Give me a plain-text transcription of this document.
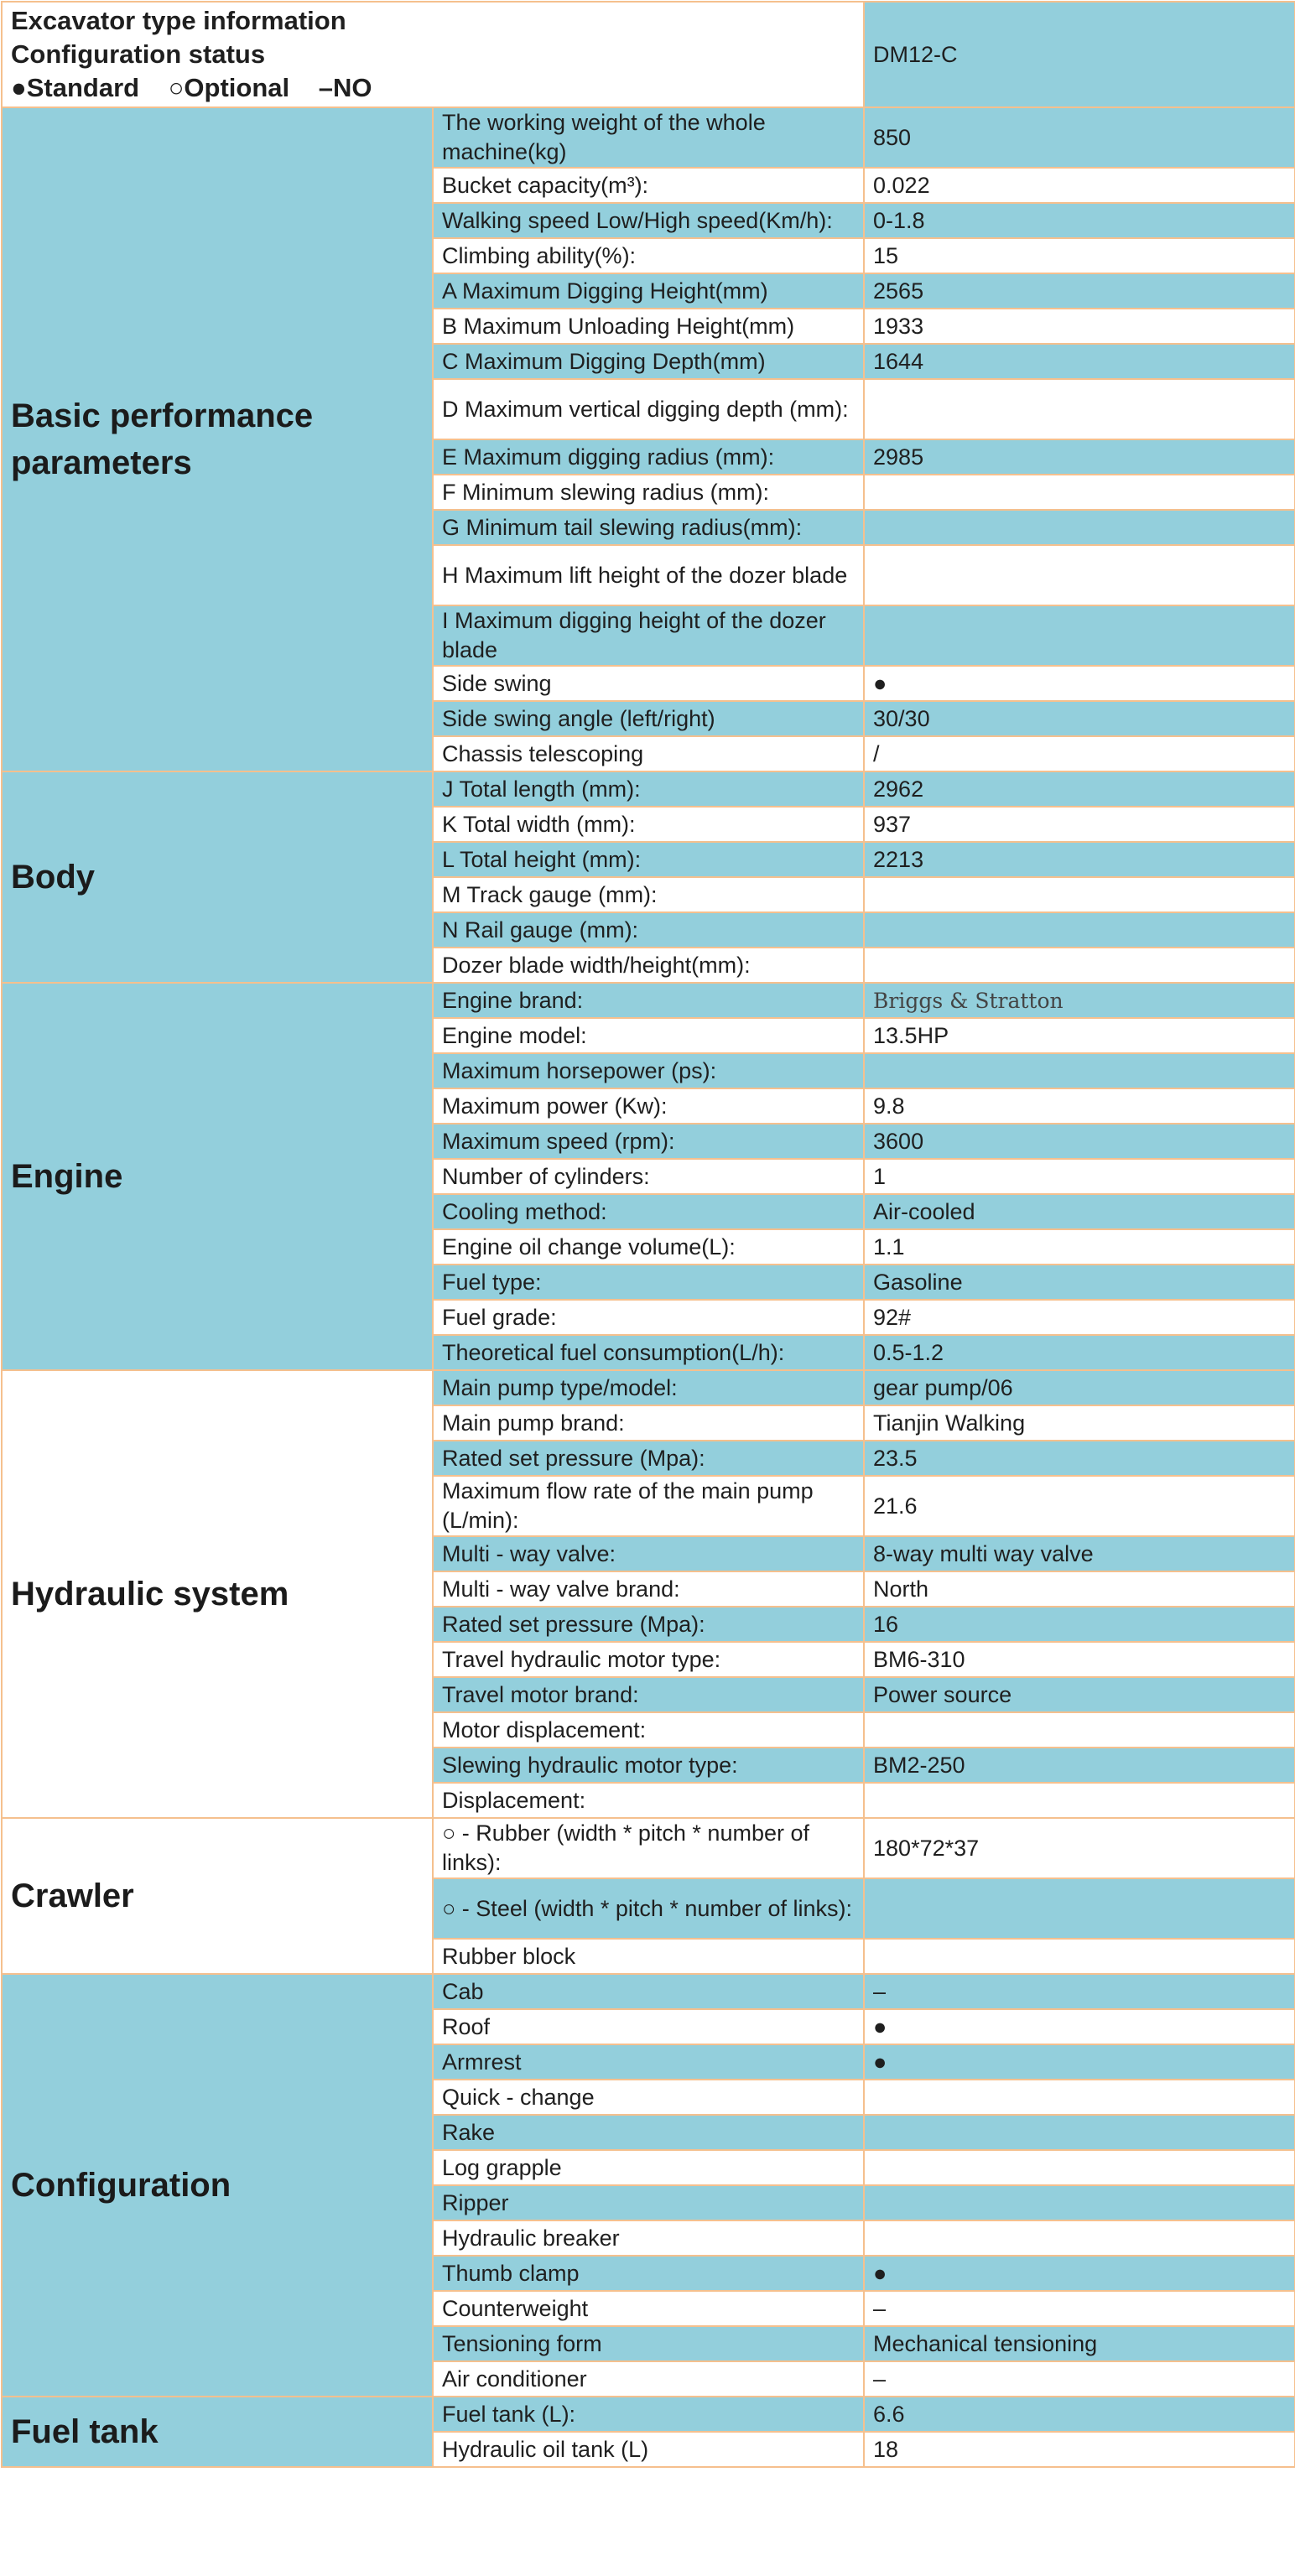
Excavator type information
Configuration status
●Standard ○Optional –NO		DM12-C
Basic performance parameters	The working weight of the whole machine(kg)	850
	Bucket capacity(m³):	0.022
	Walking speed Low/High speed(Km/h):	0-1.8
	Climbing ability(%):	15
	A Maximum Digging Height(mm)	2565
	B Maximum Unloading Height(mm)	1933
	C Maximum Digging Depth(mm)	1644
	D Maximum vertical digging depth (mm):	
	E Maximum digging radius (mm):	2985
	F Minimum slewing radius (mm):	
	G Minimum tail slewing radius(mm):	
	H Maximum lift height of the dozer blade	
	I Maximum digging height of the dozer blade	
	Side swing	●
	Side swing angle (left/right)	30/30
	Chassis telescoping	/
Body	J Total length (mm):	2962
	K Total width (mm):	937
	L Total height (mm):	2213
	M Track gauge (mm):	
	N Rail gauge (mm):	
	Dozer blade width/height(mm):	
Engine	Engine brand:	Briggs & Stratton
	Engine model:	13.5HP
	Maximum horsepower (ps):	
	Maximum power (Kw):	9.8
	Maximum speed (rpm):	3600
	Number of cylinders:	1
	Cooling method:	Air-cooled
	Engine oil change volume(L):	1.1
	Fuel type:	Gasoline
	Fuel grade:	92#
	Theoretical fuel consumption(L/h):	0.5-1.2
Hydraulic system	Main pump type/model:	gear pump/06
	Main pump brand:	Tianjin Walking
	Rated set pressure (Mpa):	23.5
	Maximum flow rate of the main pump (L/min):	21.6
	Multi - way valve:	8-way multi way valve
	Multi - way valve brand:	North
	Rated set pressure (Mpa):	16
	Travel hydraulic motor type:	BM6-310
	Travel motor brand:	Power source
	Motor displacement:	
	Slewing hydraulic motor type:	BM2-250
	Displacement:	
Crawler	○ - Rubber (width * pitch * number of links):	180*72*37
	○ - Steel (width * pitch * number of links):	
	Rubber block	
Configuration	Cab	–
	Roof	●
	Armrest	●
	Quick - change	
	Rake	
	Log grapple	
	Ripper	
	Hydraulic breaker	
	Thumb clamp	●
	Counterweight	–
	Tensioning form	Mechanical tensioning
	Air conditioner	–
Fuel tank	Fuel tank (L):	6.6
	Hydraulic oil tank (L)	18
